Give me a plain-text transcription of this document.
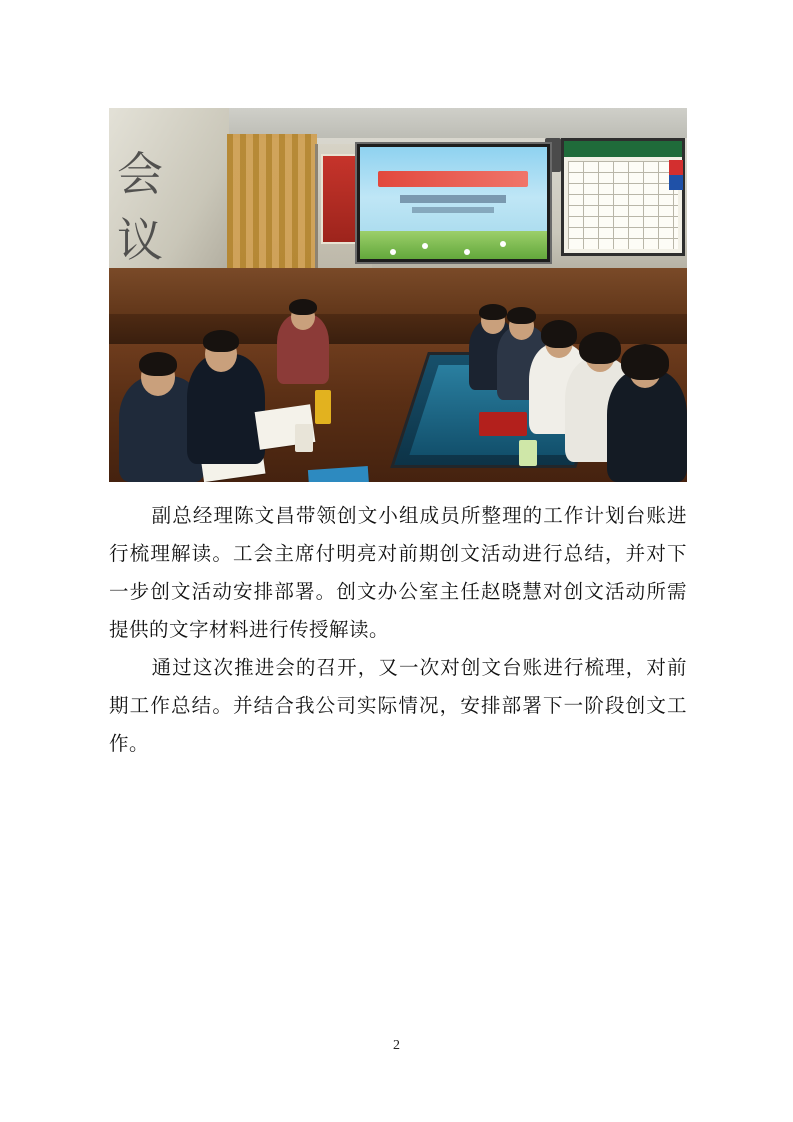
会 议

副总经理陈文昌带领创文小组成员所整理的工作计划台账进行梳理解读。工会主席付明亮对前期创文活动进行总结，并对下一步创文活动安排部署。创文办公室主任赵晓慧对创文活动所需提供的文字材料进行传授解读。

通过这次推进会的召开，又一次对创文台账进行梳理，对前期工作总结。并结合我公司实际情况，安排部署下一阶段创文工作。

2
